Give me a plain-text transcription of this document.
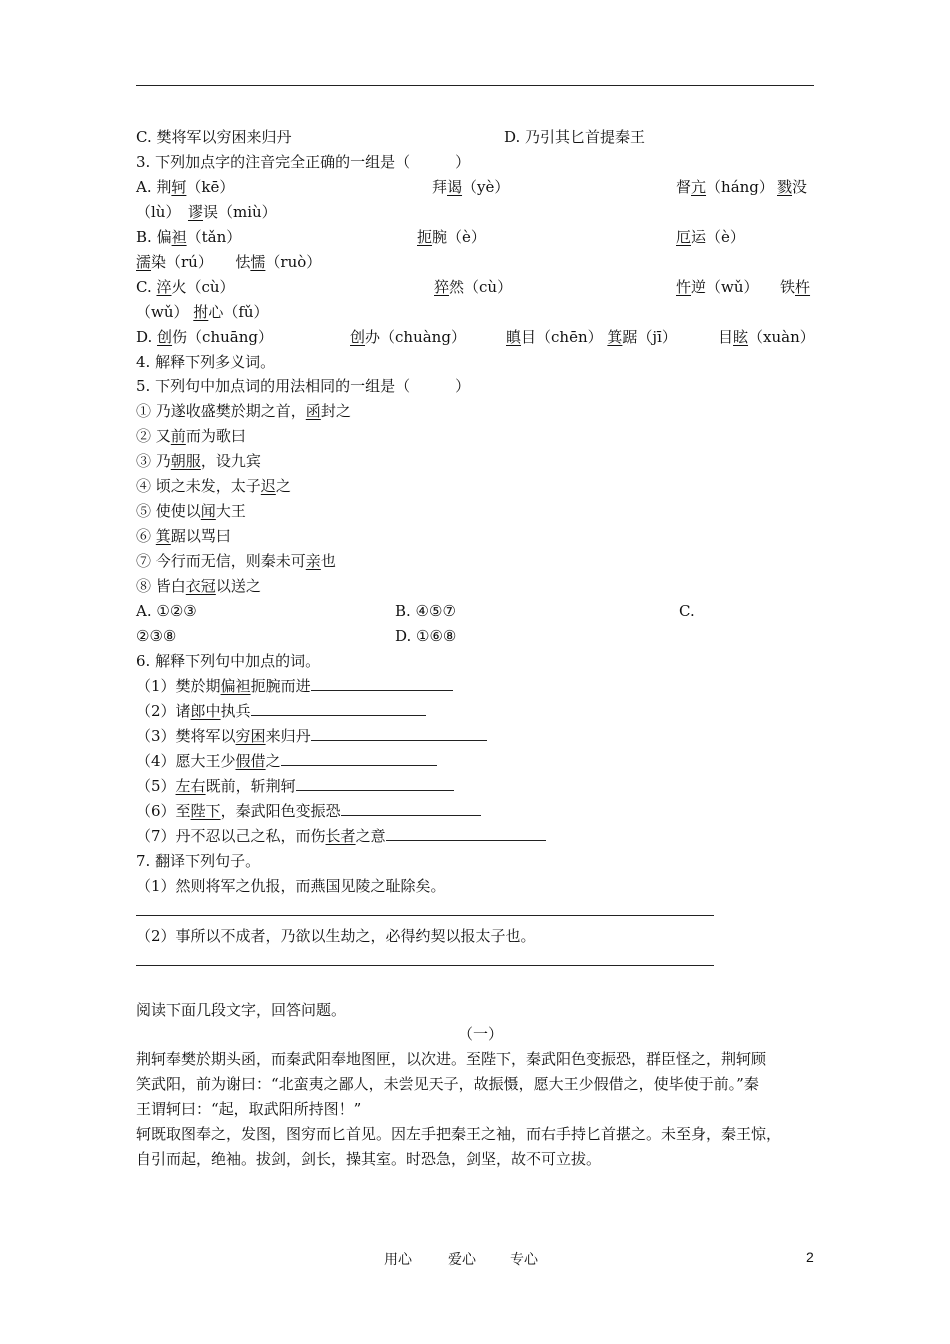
C. 樊将军以穷困来归丹	D. 乃引其匕首提秦王
3. 下列加点字的注音完全正确的一组是（　　　）
A. 荆轲（kē）	拜谒（yè）	督亢（háng） 戮没
（lù）　 谬误（miù）
B. 偏袒（tǎn）	扼腕（è）	厄运（è）
濡染（rú）　　 怯懦（ruò）
C. 淬火（cù）	猝然（cù）	忤逆（wǔ） 铁杵
（wǔ） 拊心（fǔ）
D. 创伤（chuāng）	创办（chuàng）	瞋目（chēn） 箕踞（jī）	目眩（xuàn）
4. 解释下列多义词。
5. 下列句中加点词的用法相同的一组是（　　　）
① 乃遂收盛樊於期之首，函封之
② 又前而为歌曰
③ 乃朝服，设九宾
④ 顷之未发，太子迟之
⑤ 使使以闻大王
⑥ 箕踞以骂曰
⑦ 今行而无信，则秦未可亲也
⑧ 皆白衣冠以送之
A. ①②③	B. ④⑤⑦	C.
②③⑧	D. ①⑥⑧
6. 解释下列句中加点的词。
（1）樊於期偏袒扼腕而进
（2）诸郎中执兵
（3）樊将军以穷困来归丹
（4）愿大王少假借之
（5）左右既前，斩荆轲
（6）至陛下，秦武阳色变振恐
（7）丹不忍以己之私，而伤长者之意
7. 翻译下列句子。
（1）然则将军之仇报，而燕国见陵之耻除矣。
（2）事所以不成者，乃欲以生劫之，必得约契以报太子也。
阅读下面几段文字，回答问题。
（一）
荆轲奉樊於期头函，而秦武阳奉地图匣，以次进。至陛下，秦武阳色变振恐，群臣怪之，荆轲顾
笑武阳，前为谢曰：“北蛮夷之鄙人，未尝见天子，故振慑，愿大王少假借之，使毕使于前。”秦
王谓轲曰：“起，取武阳所持图！”
轲既取图奉之，发图，图穷而匕首见。因左手把秦王之袖，而右手持匕首揕之。未至身，秦王惊，
自引而起，绝袖。拔剑，剑长，操其室。时恐急，剑坚，故不可立拔。
用心	爱心 专心	2
